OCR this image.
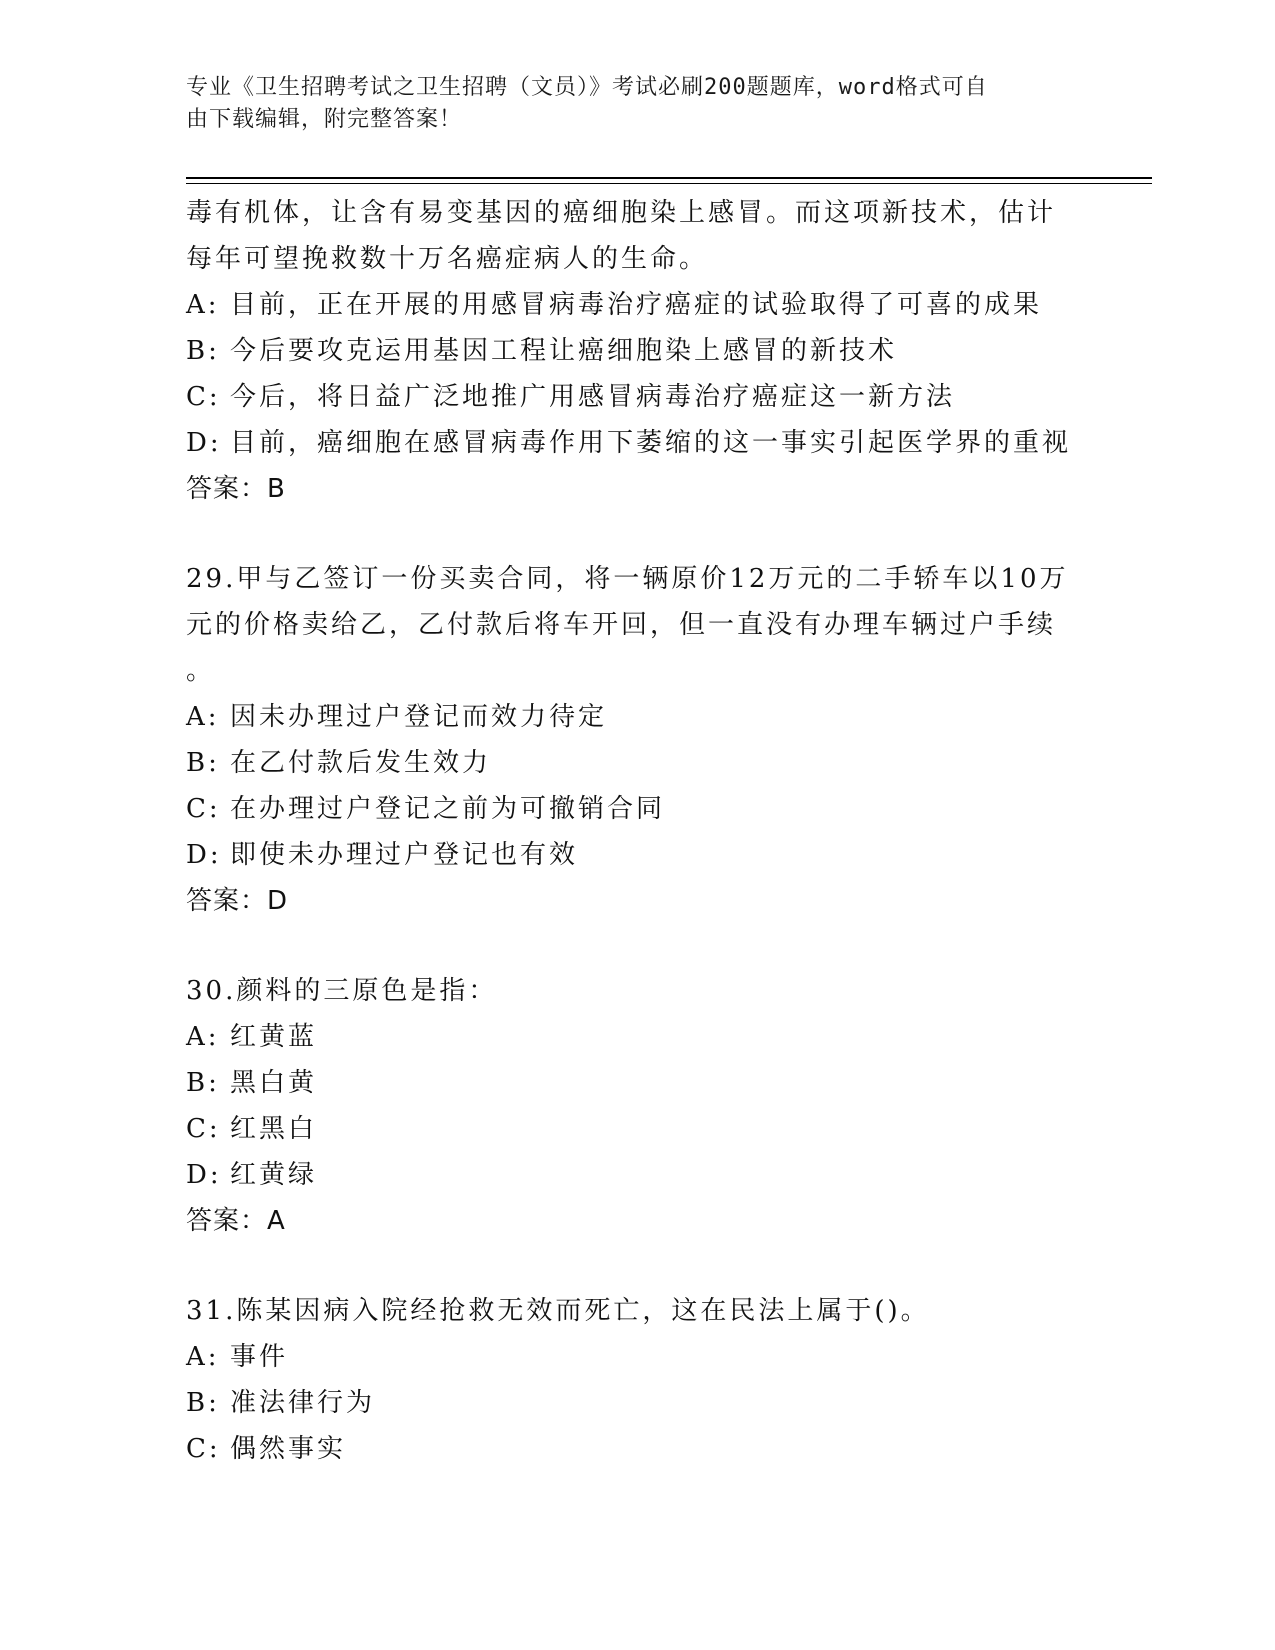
专业《卫生招聘考试之卫生招聘（文员）》考试必刷200题题库，word格式可自
由下载编辑，附完整答案！
毒有机体，让含有易变基因的癌细胞染上感冒。而这项新技术，估计
每年可望挽救数十万名癌症病人的生命。
A: 目前，正在开展的用感冒病毒治疗癌症的试验取得了可喜的成果
B: 今后要攻克运用基因工程让癌细胞染上感冒的新技术
C: 今后，将日益广泛地推广用感冒病毒治疗癌症这一新方法
D: 目前，癌细胞在感冒病毒作用下萎缩的这一事实引起医学界的重视
答案：B
29.甲与乙签订一份买卖合同，将一辆原价12万元的二手轿车以10万
元的价格卖给乙，乙付款后将车开回，但一直没有办理车辆过户手续
。
A: 因未办理过户登记而效力待定
B: 在乙付款后发生效力
C: 在办理过户登记之前为可撤销合同
D: 即使未办理过户登记也有效
答案：D
30.颜料的三原色是指：
A: 红黄蓝
B: 黑白黄
C: 红黑白
D: 红黄绿
答案：A
31.陈某因病入院经抢救无效而死亡，这在民法上属于()。
A: 事件
B: 准法律行为
C: 偶然事实
